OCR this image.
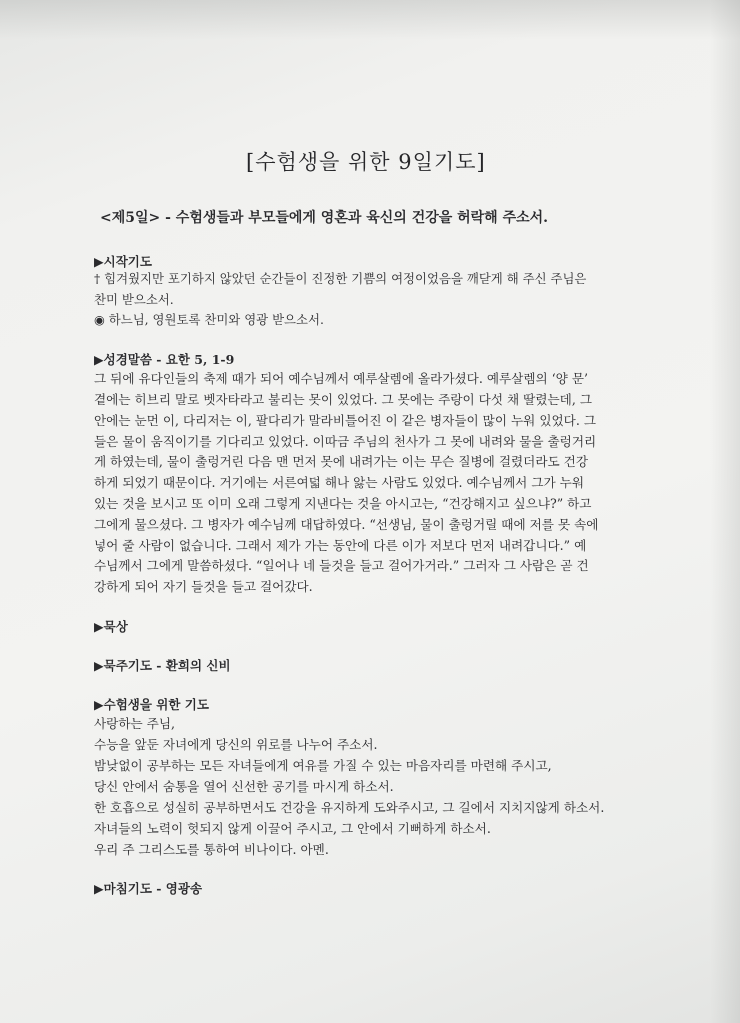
[수험생을 위한 9일기도]
<제5일> - 수험생들과 부모들에게 영혼과 육신의 건강을 허락해 주소서.
▶시작기도
† 힘겨웠지만 포기하지 않았던 순간들이 진정한 기쁨의 여정이었음을 깨닫게 해 주신 주님은
찬미 받으소서.
◉ 하느님, 영원토록 찬미와 영광 받으소서.
▶성경말씀 - 요한 5, 1-9
그 뒤에 유다인들의 축제 때가 되어 예수님께서 예루살렘에 올라가셨다. 예루살렘의 ‘양 문’
곁에는 히브리 말로 벳자타라고 불리는 못이 있었다. 그 못에는 주랑이 다섯 채 딸렸는데, 그
안에는 눈먼 이, 다리저는 이, 팔다리가 말라비틀어진 이 같은 병자들이 많이 누워 있었다. 그
들은 물이 움직이기를 기다리고 있었다. 이따금 주님의 천사가 그 못에 내려와 물을 출렁거리
게 하였는데, 물이 출렁거린 다음 맨 먼저 못에 내려가는 이는 무슨 질병에 걸렸더라도 건강
하게 되었기 때문이다. 거기에는 서른여덟 해나 앓는 사람도 있었다. 예수님께서 그가 누워
있는 것을 보시고 또 이미 오래 그렇게 지낸다는 것을 아시고는, “건강해지고 싶으냐?” 하고
그에게 물으셨다. 그 병자가 예수님께 대답하였다. “선생님, 물이 출렁거릴 때에 저를 못 속에
넣어 줄 사람이 없습니다. 그래서 제가 가는 동안에 다른 이가 저보다 먼저 내려갑니다.” 예
수님께서 그에게 말씀하셨다. “일어나 네 들것을 들고 걸어가거라.” 그러자 그 사람은 곧 건
강하게 되어 자기 들것을 들고 걸어갔다.
▶묵상
▶묵주기도 - 환희의 신비
▶수험생을 위한 기도
사랑하는 주님,
수능을 앞둔 자녀에게 당신의 위로를 나누어 주소서.
밤낮없이 공부하는 모든 자녀들에게 여유를 가질 수 있는 마음자리를 마련해 주시고,
당신 안에서 숨통을 열어 신선한 공기를 마시게 하소서.
한 호흡으로 성실히 공부하면서도 건강을 유지하게 도와주시고, 그 길에서 지치지않게 하소서.
자녀들의 노력이 헛되지 않게 이끌어 주시고, 그 안에서 기뻐하게 하소서.
우리 주 그리스도를 통하여 비나이다. 아멘.
▶마침기도 - 영광송
